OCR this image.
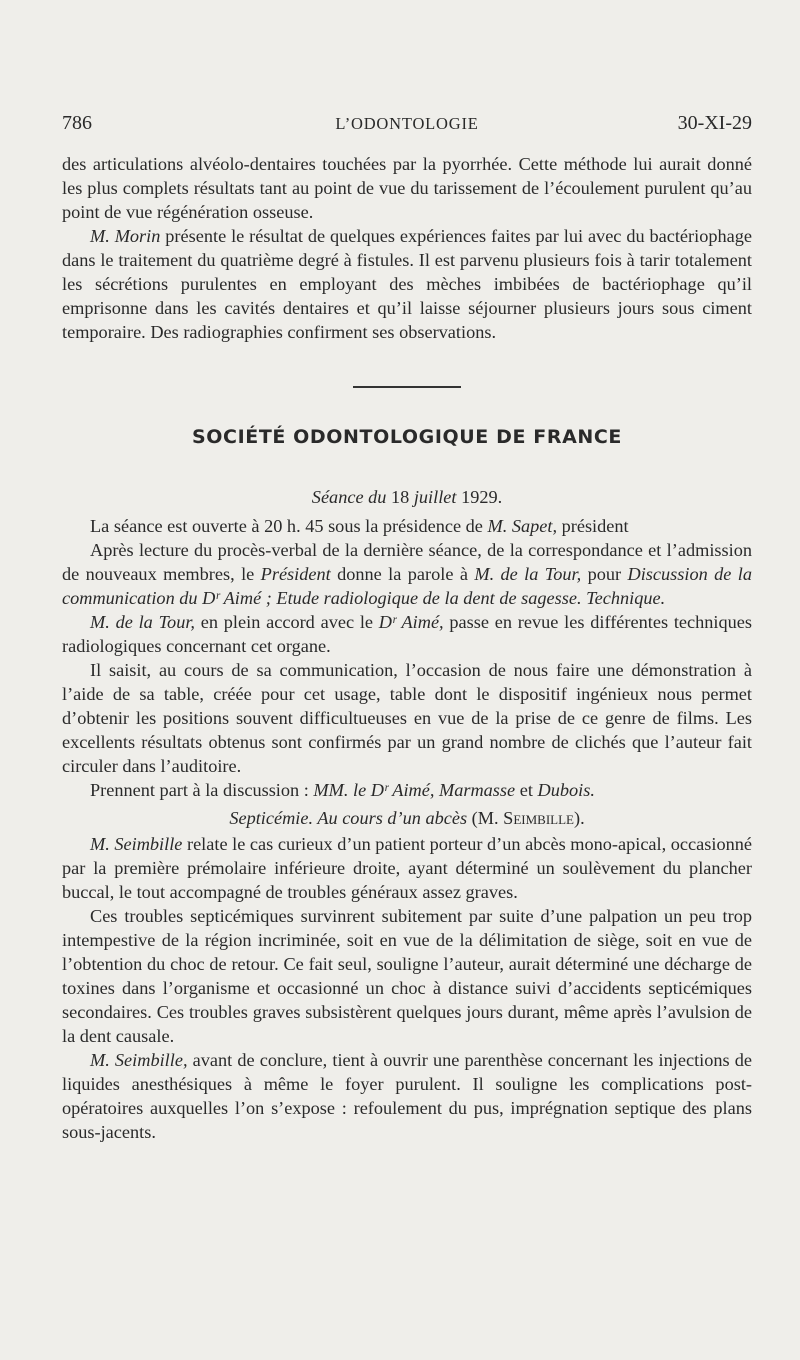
786	L’ODONTOLOGIE	30-XI-29

des articulations alvéolo-dentaires touchées par la pyorrhée. Cette méthode lui aurait donné les plus complets résultats tant au point de vue du tarissement de l’écoulement purulent qu’au point de vue régénération osseuse.

M. Morin présente le résultat de quelques expériences faites par lui avec du bactériophage dans le traitement du quatrième degré à fistules. Il est parvenu plusieurs fois à tarir totalement les sécrétions purulentes en employant des mèches imbibées de bactériophage qu’il emprisonne dans les cavités dentaires et qu’il laisse séjourner plusieurs jours sous ciment temporaire. Des radiographies confirment ses observations.

SOCIÉTÉ ODONTOLOGIQUE DE FRANCE
Séance du 18 juillet 1929.

La séance est ouverte à 20 h. 45 sous la présidence de M. Sapet, président

Après lecture du procès-verbal de la dernière séance, de la correspondance et l’admission de nouveaux membres, le Président donne la parole à M. de la Tour, pour Discussion de la communication du Dʳ Aimé ; Etude radiologique de la dent de sagesse. Technique.

M. de la Tour, en plein accord avec le Dʳ Aimé, passe en revue les différentes techniques radiologiques concernant cet organe.

Il saisit, au cours de sa communication, l’occasion de nous faire une démonstration à l’aide de sa table, créée pour cet usage, table dont le dispositif ingénieux nous permet d’obtenir les positions souvent difficultueuses en vue de la prise de ce genre de films. Les excellents résultats obtenus sont confirmés par un grand nombre de clichés que l’auteur fait circuler dans l’auditoire.

Prennent part à la discussion : MM. le Dʳ Aimé, Marmasse et Dubois.

Septicémie. Au cours d’un abcès (M. Seimbille).

M. Seimbille relate le cas curieux d’un patient porteur d’un abcès mono-apical, occasionné par la première prémolaire inférieure droite, ayant déterminé un soulèvement du plancher buccal, le tout accompagné de troubles généraux assez graves.

Ces troubles septicémiques survinrent subitement par suite d’une palpation un peu trop intempestive de la région incriminée, soit en vue de la délimitation de siège, soit en vue de l’obtention du choc de retour. Ce fait seul, souligne l’auteur, aurait déterminé une décharge de toxines dans l’organisme et occasionné un choc à distance suivi d’accidents septicémiques secondaires. Ces troubles graves subsistèrent quelques jours durant, même après l’avulsion de la dent causale.

M. Seimbille, avant de conclure, tient à ouvrir une parenthèse concernant les injections de liquides anesthésiques à même le foyer purulent. Il souligne les complications post-opératoires auxquelles l’on s’expose : refoulement du pus, imprégnation septique des plans sous-jacents.
